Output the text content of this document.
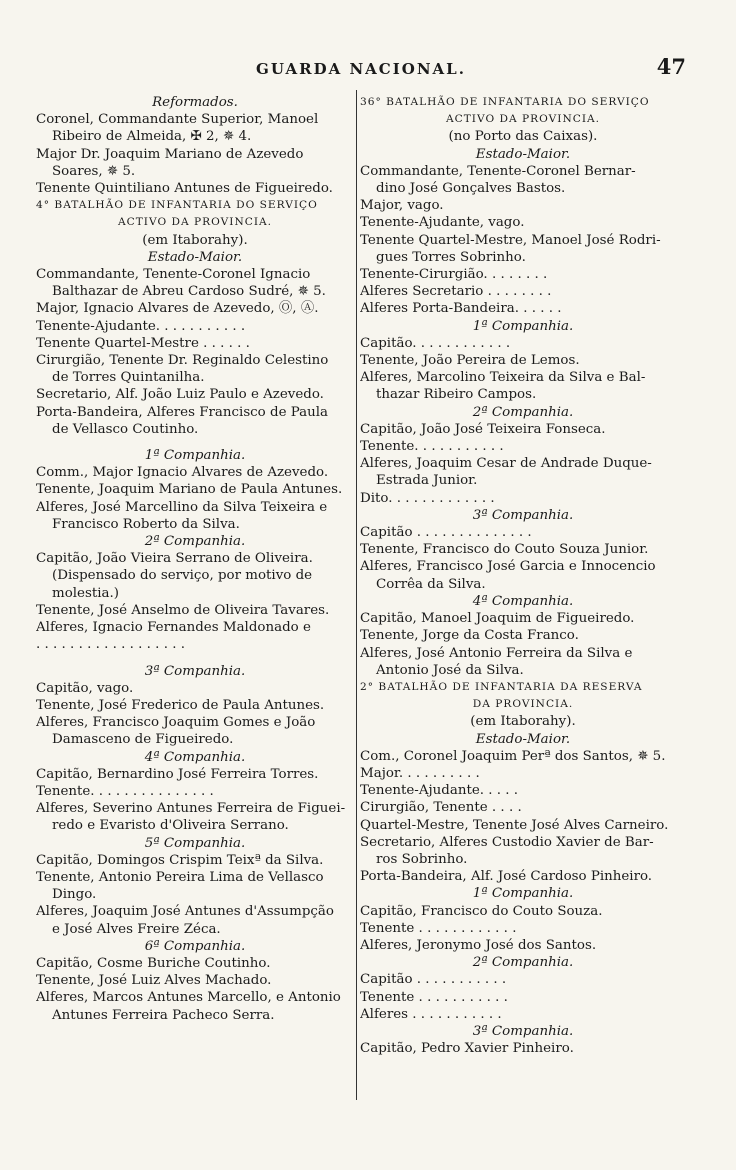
GUARDA NACIONAL.	47
Reformados.
Coronel, Commandante Superior, Manoel
Ribeiro de Almeida, ✠ 2, ✵ 4.
Major Dr. Joaquim Mariano de Azevedo
Soares, ✵ 5.
Tenente Quintiliano Antunes de Figueiredo.
4° BATALHÃO DE INFANTARIA DO SERVIÇO
ACTIVO DA PROVINCIA.
(em Itaborahy).
Estado-Maior.
Commandante, Tenente-Coronel Ignacio
Balthazar de Abreu Cardoso Sudré, ✵ 5.
Major, Ignacio Alvares de Azevedo, Ⓞ, Ⓐ.
Tenente-Ajudante. . . . . . . . . . .
Tenente Quartel-Mestre . . . . . .
Cirurgião, Tenente Dr. Reginaldo Celestino
de Torres Quintanilha.
Secretario, Alf. João Luiz Paulo e Azevedo.
Porta-Bandeira, Alferes Francisco de Paula
de Vellasco Coutinho.
1ª Companhia.
Comm., Major Ignacio Alvares de Azevedo.
Tenente, Joaquim Mariano de Paula Antunes.
Alferes, José Marcellino da Silva Teixeira e
Francisco Roberto da Silva.
2ª Companhia.
Capitão, João Vieira Serrano de Oliveira.
(Dispensado do serviço, por motivo de
molestia.)
Tenente, José Anselmo de Oliveira Tavares.
Alferes, Ignacio Fernandes Maldonado e
. . . . . . . . . . . . . . . . . .
3ª Companhia.
Capitão, vago.
Tenente, José Frederico de Paula Antunes.
Alferes, Francisco Joaquim Gomes e João
Damasceno de Figueiredo.
4ª Companhia.
Capitão, Bernardino José Ferreira Torres.
Tenente. . . . . . . . . . . . . . .
Alferes, Severino Antunes Ferreira de Figuei-
redo e Evaristo d'Oliveira Serrano.
5ª Companhia.
Capitão, Domingos Crispim Teixª da Silva.
Tenente, Antonio Pereira Lima de Vellasco
Dingo.
Alferes, Joaquim José Antunes d'Assumpção
e José Alves Freire Zéca.
6ª Companhia.
Capitão, Cosme Buriche Coutinho.
Tenente, José Luiz Alves Machado.
Alferes, Marcos Antunes Marcello, e Antonio
Antunes Ferreira Pacheco Serra.
36° BATALHÃO DE INFANTARIA DO SERVIÇO
ACTIVO DA PROVINCIA.
(no Porto das Caixas).
Estado-Maior.
Commandante, Tenente-Coronel Bernar-
dino José Gonçalves Bastos.
Major, vago.
Tenente-Ajudante, vago.
Tenente Quartel-Mestre, Manoel José Rodri-
gues Torres Sobrinho.
Tenente-Cirurgião. . . . . . . .
Alferes Secretario . . . . . . . .
Alferes Porta-Bandeira. . . . . .
1ª Companhia.
Capitão. . . . . . . . . . . .
Tenente, João Pereira de Lemos.
Alferes, Marcolino Teixeira da Silva e Bal-
thazar Ribeiro Campos.
2ª Companhia.
Capitão, João José Teixeira Fonseca.
Tenente. . . . . . . . . . .
Alferes, Joaquim Cesar de Andrade Duque-
Estrada Junior.
Dito. . . . . . . . . . . . .
3ª Companhia.
Capitão . . . . . . . . . . . . . .
Tenente, Francisco do Couto Souza Junior.
Alferes, Francisco José Garcia e Innocencio
Corrêa da Silva.
4ª Companhia.
Capitão, Manoel Joaquim de Figueiredo.
Tenente, Jorge da Costa Franco.
Alferes, José Antonio Ferreira da Silva e
Antonio José da Silva.
2° BATALHÃO DE INFANTARIA DA RESERVA
DA PROVINCIA.
(em Itaborahy).
Estado-Maior.
Com., Coronel Joaquim Perª dos Santos, ✵ 5.
Major. . . . . . . . . .
Tenente-Ajudante. . . . .
Cirurgião, Tenente . . . .
Quartel-Mestre, Tenente José Alves Carneiro.
Secretario, Alferes Custodio Xavier de Bar-
ros Sobrinho.
Porta-Bandeira, Alf. José Cardoso Pinheiro.
1ª Companhia.
Capitão, Francisco do Couto Souza.
Tenente . . . . . . . . . . . .
Alferes, Jeronymo José dos Santos.
2ª Companhia.
Capitão . . . . . . . . . . .
Tenente . . . . . . . . . . .
Alferes . . . . . . . . . . .
3ª Companhia.
Capitão, Pedro Xavier Pinheiro.
